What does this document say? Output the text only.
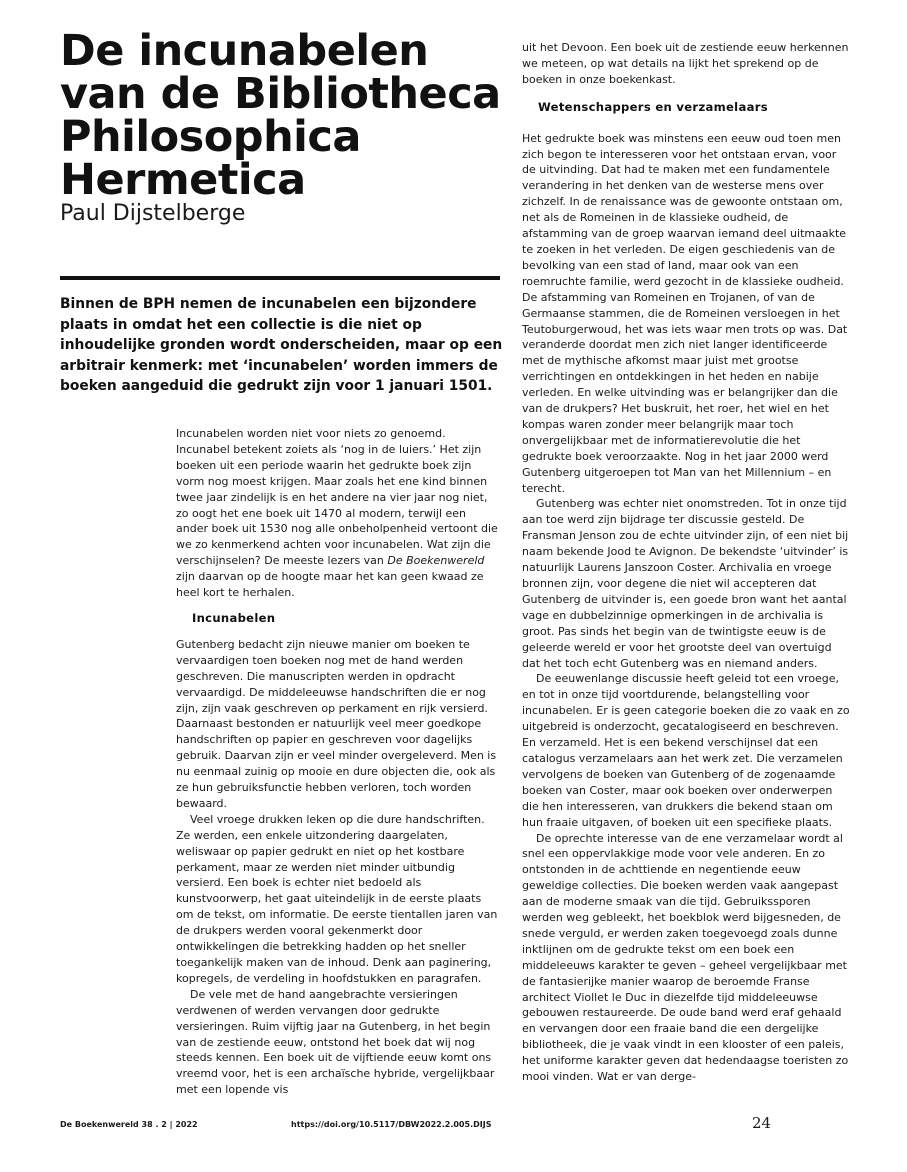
De incunabelen
van de Bibliotheca
Philosophica
Hermetica
Paul Dijstelberge
Binnen de BPH nemen de incunabelen een bijzondere plaats in omdat het een collectie is die niet op inhoudelijke gronden wordt onderscheiden, maar op een arbitrair kenmerk: met ‘incunabelen’ worden immers de boeken aangeduid die gedrukt zijn voor 1 januari 1501.

Incunabelen worden niet voor niets zo genoemd. Incunabel betekent zoiets als ‘nog in de luiers.’ Het zijn boeken uit een periode waarin het gedrukte boek zijn vorm nog moest krijgen. Maar zoals het ene kind binnen twee jaar zindelijk is en het andere na vier jaar nog niet, zo oogt het ene boek uit 1470 al modern, terwijl een ander boek uit 1530 nog alle onbeholpenheid vertoont die we zo kenmerkend achten voor incunabelen. Wat zijn die verschijnselen? De meeste lezers van De Boekenwereld zijn daarvan op de hoogte maar het kan geen kwaad ze heel kort te herhalen.

Incunabelen

Gutenberg bedacht zijn nieuwe manier om boeken te vervaardigen toen boeken nog met de hand werden geschreven. Die manuscripten werden in opdracht vervaardigd. De middeleeuwse handschriften die er nog zijn, zijn vaak geschreven op perkament en rijk versierd. Daarnaast bestonden er natuurlijk veel meer goedkope handschriften op papier en geschreven voor dagelijks gebruik. Daarvan zijn er veel minder overgeleverd. Men is nu eenmaal zuinig op mooie en dure objecten die, ook als ze hun gebruiksfunctie hebben verloren, toch worden bewaard.

Veel vroege drukken leken op die dure handschriften. Ze werden, een enkele uitzondering daargelaten, weliswaar op papier gedrukt en niet op het kostbare perkament, maar ze werden niet minder uitbundig versierd. Een boek is echter niet bedoeld als kunstvoorwerp, het gaat uiteindelijk in de eerste plaats om de tekst, om informatie. De eerste tientallen jaren van de drukpers werden vooral gekenmerkt door ontwikkelingen die betrekking hadden op het sneller toegankelijk maken van de inhoud. Denk aan paginering, kopregels, de verdeling in hoofdstukken en paragrafen.

De vele met de hand aangebrachte versieringen verdwenen of werden vervangen door gedrukte versieringen. Ruim vijftig jaar na Gutenberg, in het begin van de zestiende eeuw, ontstond het boek dat wij nog steeds kennen. Een boek uit de vijftiende eeuw komt ons vreemd voor, het is een archaïsche hybride, vergelijkbaar met een lopende vis

uit het Devoon. Een boek uit de zestiende eeuw herkennen we meteen, op wat details na lijkt het sprekend op de boeken in onze boekenkast.

Wetenschappers en verzamelaars

Het gedrukte boek was minstens een eeuw oud toen men zich begon te interesseren voor het ontstaan ervan, voor de uitvinding. Dat had te maken met een fundamentele verandering in het denken van de westerse mens over zichzelf. In de renaissance was de gewoonte ontstaan om, net als de Romeinen in de klassieke oudheid, de afstamming van de groep waarvan iemand deel uitmaakte te zoeken in het verleden. De eigen geschiedenis van de bevolking van een stad of land, maar ook van een roemruchte familie, werd gezocht in de klassieke oudheid. De afstamming van Romeinen en Trojanen, of van de Germaanse stammen, die de Romeinen versloegen in het Teutoburgerwoud, het was iets waar men trots op was. Dat veranderde doordat men zich niet langer identificeerde met de mythische afkomst maar juist met grootse verrichtingen en ontdekkingen in het heden en nabije verleden. En welke uitvinding was er belangrijker dan die van de drukpers? Het buskruit, het roer, het wiel en het kompas waren zonder meer belangrijk maar toch onvergelijkbaar met de informatierevolutie die het gedrukte boek veroorzaakte. Nog in het jaar 2000 werd Gutenberg uitgeroepen tot Man van het Millennium – en terecht.

Gutenberg was echter niet onomstreden. Tot in onze tijd aan toe werd zijn bijdrage ter discussie gesteld. De Fransman Jenson zou de echte uitvinder zijn, of een niet bij naam bekende Jood te Avignon. De bekendste ‘uitvinder’ is natuurlijk Laurens Janszoon Coster. Archivalia en vroege bronnen zijn, voor degene die niet wil accepteren dat Gutenberg de uitvinder is, een goede bron want het aantal vage en dubbelzinnige opmerkingen in de archivalia is groot. Pas sinds het begin van de twintigste eeuw is de geleerde wereld er voor het grootste deel van overtuigd dat het toch echt Gutenberg was en niemand anders.

De eeuwenlange discussie heeft geleid tot een vroege, en tot in onze tijd voortdurende, belangstelling voor incunabelen. Er is geen categorie boeken die zo vaak en zo uitgebreid is onderzocht, gecatalogiseerd en beschreven. En verzameld. Het is een bekend verschijnsel dat een catalogus verzamelaars aan het werk zet. Die verzamelen vervolgens de boeken van Gutenberg of de zogenaamde boeken van Coster, maar ook boeken over onderwerpen die hen interesseren, van drukkers die bekend staan om hun fraaie uitgaven, of boeken uit een specifieke plaats.

De oprechte interesse van de ene verzamelaar wordt al snel een oppervlakkige mode voor vele anderen. En zo ontstonden in de achttiende en negentiende eeuw geweldige collecties. Die boeken werden vaak aangepast aan de moderne smaak van die tijd. Gebruikssporen werden weg gebleekt, het boekblok werd bijgesneden, de snede verguld, er werden zaken toegevoegd zoals dunne inktlijnen om de gedrukte tekst om een boek een middeleeuws karakter te geven – geheel vergelijkbaar met de fantasierijke manier waarop de beroemde Franse architect Viollet le Duc in diezelfde tijd middeleeuwse gebouwen restaureerde. De oude band werd eraf gehaald en vervangen door een fraaie band die een dergelijke bibliotheek, die je vaak vindt in een klooster of een paleis, het uniforme karakter geven dat hedendaagse toeristen zo mooi vinden. Wat er van derge-

De Boekenwereld 38 . 2 | 2022	https://doi.org/10.5117/DBW2022.2.005.DIJS	24
